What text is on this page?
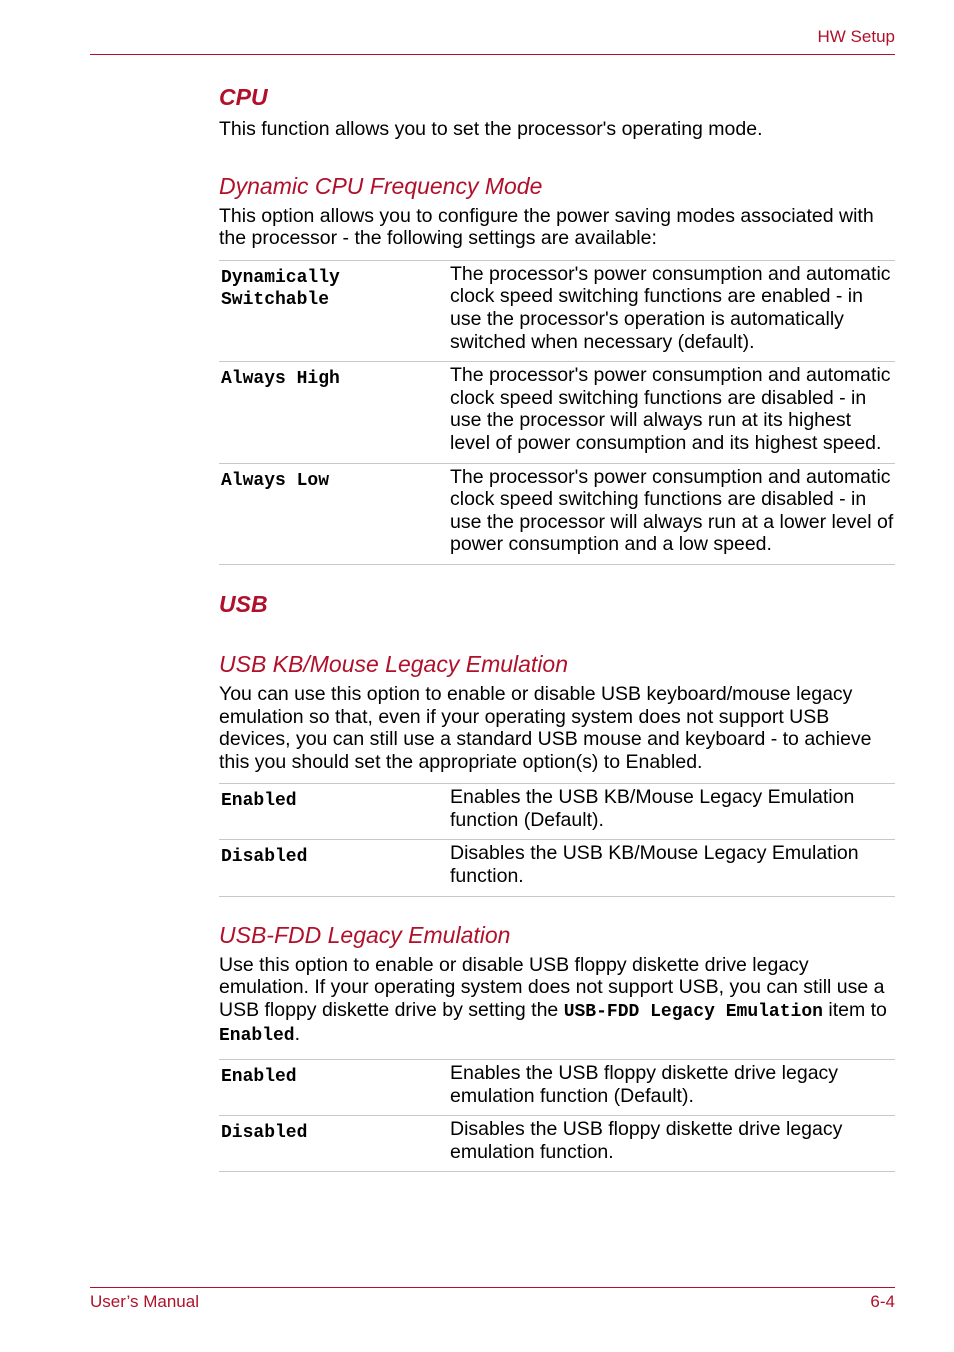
HW Setup
CPU

This function allows you to set the processor's operating mode.

Dynamic CPU Frequency Mode

This option allows you to configure the power saving modes associated with the processor - the following settings are available:

Dynamically
Switchable	The processor's power consumption and automatic clock speed switching functions are enabled - in use the processor's operation is automatically switched when necessary (default).
Always High	The processor's power consumption and automatic clock speed switching functions are disabled - in use the processor will always run at its highest level of power consumption and its highest speed.
Always Low	The processor's power consumption and automatic clock speed switching functions are disabled - in use the processor will always run at a lower level of power consumption and a low speed.
USB
USB KB/Mouse Legacy Emulation

You can use this option to enable or disable USB keyboard/mouse legacy emulation so that, even if your operating system does not support USB devices, you can still use a standard USB mouse and keyboard - to achieve this you should set the appropriate option(s) to Enabled.

Enabled	Enables the USB KB/Mouse Legacy Emulation function (Default).
Disabled	Disables the USB KB/Mouse Legacy Emulation function.
USB-FDD Legacy Emulation

Use this option to enable or disable USB floppy diskette drive legacy emulation. If your operating system does not support USB, you can still use a USB floppy diskette drive by setting the USB-FDD Legacy Emulation item to Enabled.

Enabled	Enables the USB floppy diskette drive legacy emulation function (Default).
Disabled	Disables the USB floppy diskette drive legacy emulation function.
User’s Manual	6-4
